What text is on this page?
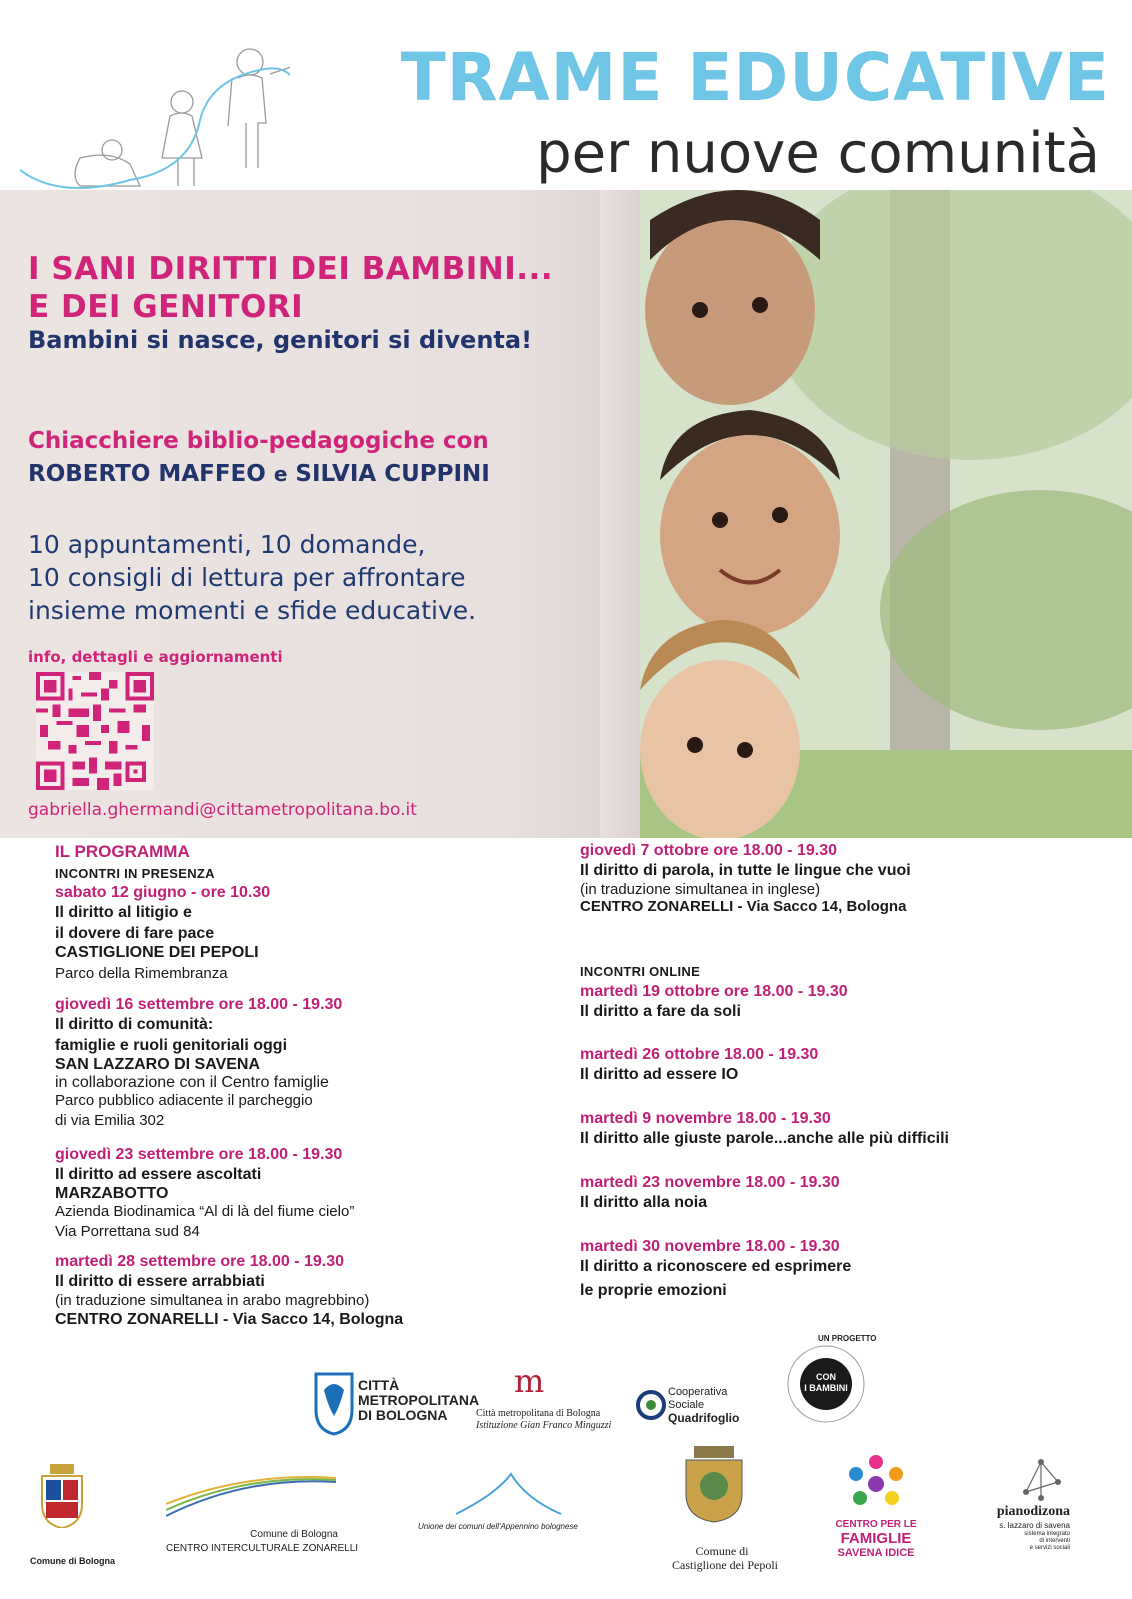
TRAME EDUCATIVE
per nuove comunità
I SANI DIRITTI DEI BAMBINI...
E DEI GENITORI
Bambini si nasce, genitori si diventa!
Chiacchiere biblio-pedagogiche con
ROBERTO MAFFEO e SILVIA CUPPINI
10 appuntamenti, 10 domande,
10 consigli di lettura per affrontare
insieme momenti e sfide educative.
info, dettagli e aggiornamenti
gabriella.ghermandi@cittametropolitana.bo.it
IL PROGRAMMA
INCONTRI IN PRESENZA
sabato 12 giugno - ore 10.30
Il diritto al litigio e
il dovere di fare pace
CASTIGLIONE DEI PEPOLI
Parco della Rimembranza
giovedì 16 settembre ore 18.00 - 19.30
Il diritto di comunità:
famiglie e ruoli genitoriali oggi
SAN LAZZARO DI SAVENA
in collaborazione con il Centro famiglie
Parco pubblico adiacente il parcheggio
di via Emilia 302
giovedì 23 settembre ore 18.00 - 19.30
Il diritto ad essere ascoltati
MARZABOTTO
Azienda Biodinamica “Al di là del fiume cielo”
Via Porrettana sud 84
martedì 28 settembre ore 18.00 - 19.30
Il diritto di essere arrabbiati
(in traduzione simultanea in arabo magrebbino)
CENTRO ZONARELLI - Via Sacco 14, Bologna
giovedì 7 ottobre ore 18.00 - 19.30
Il diritto di parola, in tutte le lingue che vuoi
(in traduzione simultanea in inglese)
CENTRO ZONARELLI - Via Sacco 14, Bologna
INCONTRI ONLINE
martedì 19 ottobre ore 18.00 - 19.30
Il diritto a fare da soli
martedì 26 ottobre 18.00 - 19.30
Il diritto ad essere IO
martedì 9 novembre 18.00 - 19.30
Il diritto alle giuste parole...anche alle più difficili
martedì 23 novembre 18.00 - 19.30
Il diritto alla noia
martedì 30 novembre 18.00 - 19.30
Il diritto a riconoscere ed esprimere
le proprie emozioni
CITTÀ
METROPOLITANA
DI BOLOGNA
m
Città metropolitana di Bologna
Istituzione Gian Franco Minguzzi
Cooperativa
Sociale
Quadrifoglio
UN PROGETTO
CON
I BAMBINI
Comune di Bologna
Comune di Bologna
CENTRO INTERCULTURALE ZONARELLI
Unione dei comuni dell'Appennino bolognese
Comune di
Castiglione dei Pepoli
CENTRO PER LE
FAMIGLIE
SAVENA IDICE
pianodizona
s. lazzaro di savena
sistema integrato
di interventi
e servizi sociali
